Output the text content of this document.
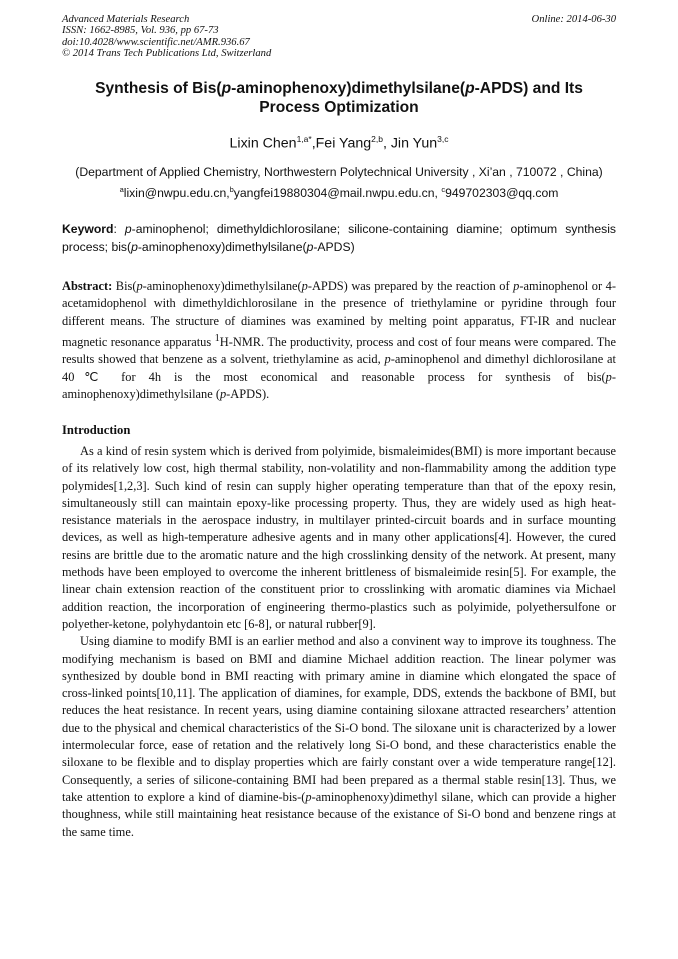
Advanced Materials Research
ISSN: 1662-8985, Vol. 936, pp 67-73
doi:10.4028/www.scientific.net/AMR.936.67
© 2014 Trans Tech Publications Ltd, Switzerland
Online: 2014-06-30
Synthesis of Bis(p-aminophenoxy)dimethylsilane(p-APDS) and Its
Process Optimization
Lixin Chen$^{1,a*}$,Fei Yang$^{2,b}$, Jin Yun$^{3,c}$
(Department of Applied Chemistry, Northwestern Polytechnical University , Xi’an , 710072 , China)
$^a$lixin@nwpu.edu.cn,$^b$yangfei19880304@mail.nwpu.edu.cn, $^c$949702303@qq.com
Keyword: p-aminophenol; dimethyldichlorosilane; silicone-containing diamine; optimum synthesis process; bis(p-aminophenoxy)dimethylsilane(p-APDS)
Abstract: Bis(p-aminophenoxy)dimethylsilane(p-APDS) was prepared by the reaction of p-aminophenol or 4-acetamidophenol with dimethyldichlorosilane in the presence of triethylamine or pyridine through four different means. The structure of diamines was examined by melting point apparatus, FT-IR and nuclear magnetic resonance apparatus $^1$H-NMR. The productivity, process and cost of four means were compared. The results showed that benzene as a solvent, triethylamine as acid, p-aminophenol and dimethyl dichlorosilane at 40℃ for 4h is the most economical and reasonable process for synthesis of bis(p-aminophenoxy)dimethylsilane (p-APDS).
Introduction

As a kind of resin system which is derived from polyimide, bismaleimides(BMI) is more important because of its relatively low cost, high thermal stability, non-volatility and non-flammability among the addition type polymides[1,2,3]. Such kind of resin can supply higher operating temperature than that of the epoxy resin, simultaneously still can maintain epoxy-like processing property. Thus, they are widely used as high heat-resistance materials in the aerospace industry, in multilayer printed-circuit boards and in surface mounting devices, as well as high-temperature adhesive agents and in many other applications[4]. However, the cured resins are brittle due to the aromatic nature and the high crosslinking density of the network. At present, many methods have been employed to overcome the inherent brittleness of bismaleimide resin[5]. For example, the linear chain extension reaction of the constituent prior to crosslinking with aromatic diamines via Michael addition reaction, the incorporation of engineering thermo-plastics such as polyimide, polyethersulfone or polyether-ketone, polyhydantoin etc [6-8], or natural rubber[9].

Using diamine to modify BMI is an earlier method and also a convinent way to improve its toughness. The modifying mechanism is based on BMI and diamine Michael addition reaction. The linear polymer was synthesized by double bond in BMI reacting with primary amine in diamine which elongated the space of cross-linked points[10,11]. The application of diamines, for example, DDS, extends the backbone of BMI, but reduces the heat resistance. In recent years, using diamine containing siloxane attracted researchers’ attention due to the physical and chemical characteristics of the Si-O bond. The siloxane unit is characterized by a lower intermolecular force, ease of retation and the relatively long Si-O bond, and these characteristics enable the siloxane to be flexible and to display properties which are fairly constant over a wide temperature range[12]. Consequently, a series of silicone-containing BMI had been prepared as a thermal stable resin[13]. Thus, we take attention to explore a kind of diamine-bis-(p-aminophenoxy)dimethyl silane, which can provide a higher thoughness, while still maintaining heat resistance because of the existance of Si-O bond and benzene rings at the same time.
